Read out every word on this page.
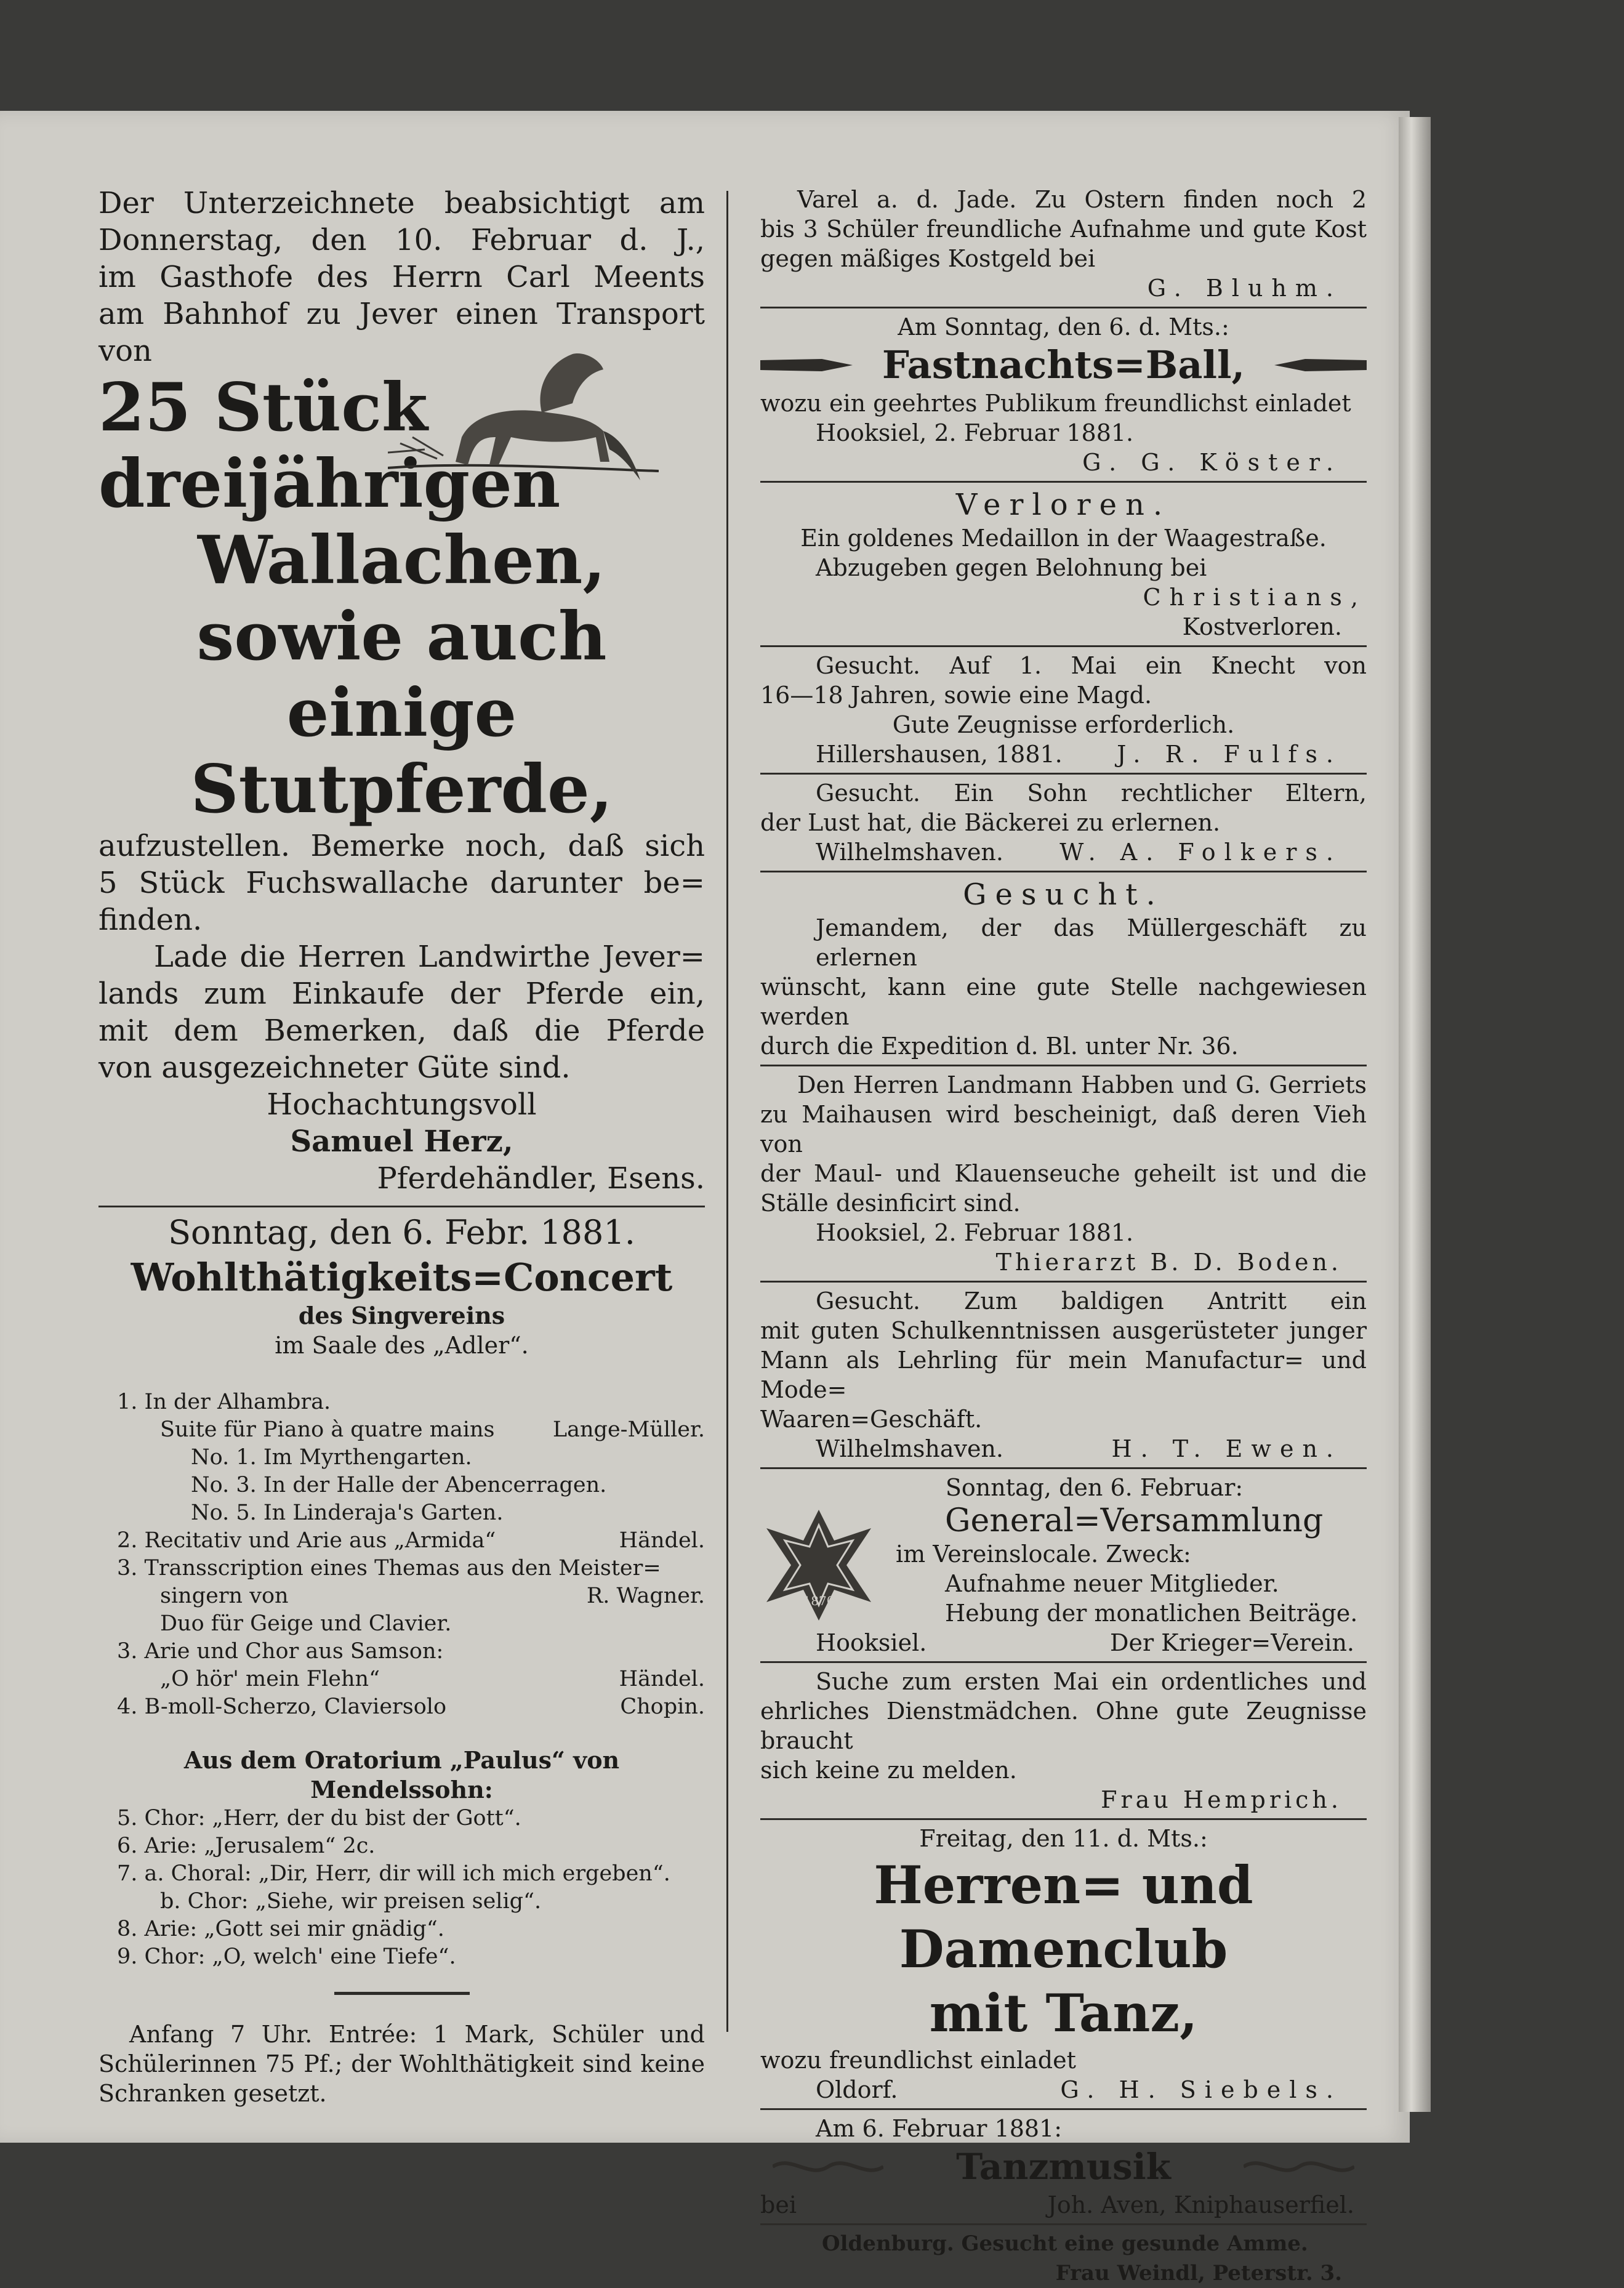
Der Unterzeichnete beabsichtigt am
Donnerstag, den 10. Februar d. J.,
im Gasthofe des Herrn Carl Meents
am Bahnhof zu Jever einen Transport
von
25 Stück
dreijährigen
Wallachen, sowie auch
einige Stutpferde,
aufzustellen. Bemerke noch, daß sich
5 Stück Fuchswallache darunter be=
finden.
Lade die Herren Landwirthe Jever=
lands zum Einkaufe der Pferde ein,
mit dem Bemerken, daß die Pferde
von ausgezeichneter Güte sind.
Hochachtungsvoll
Samuel Herz,
Pferdehändler, Esens.
Sonntag, den 6. Febr. 1881.
Wohlthätigkeits=Concert
des Singvereins
im Saale des „Adler“.
1. In der Alhambra.
Suite für Piano à quatre mains	Lange-Müller.
No. 1. Im Myrthengarten.
No. 3. In der Halle der Abencerragen.
No. 5. In Linderaja's Garten.
2. Recitativ und Arie aus „Armida“	Händel.
3. Transscription eines Themas aus den Meister=
singern von	R. Wagner.
Duo für Geige und Clavier.
3. Arie und Chor aus Samson:
„O hör' mein Flehn“	Händel.
4. B-moll-Scherzo, Claviersolo	Chopin.
Aus dem Oratorium „Paulus“ von Mendelssohn:
5. Chor: „Herr, der du bist der Gott“.
6. Arie: „Jerusalem“ 2c.
7. a. Choral: „Dir, Herr, dir will ich mich ergeben“.
b. Chor: „Siehe, wir preisen selig“.
8. Arie: „Gott sei mir gnädig“.
9. Chor: „O, welch' eine Tiefe“.
Anfang 7 Uhr. Entrée: 1 Mark, Schüler und
Schülerinnen 75 Pf.; der Wohlthätigkeit sind keine
Schranken gesetzt.
Varel a. d. Jade. Zu Ostern finden noch 2
bis 3 Schüler freundliche Aufnahme und gute Kost
gegen mäßiges Kostgeld bei
G. Bluhm.
Am Sonntag, den 6. d. Mts.:
Fastnachts=Ball,
wozu ein geehrtes Publikum freundlichst einladet
Hooksiel, 2. Februar 1881.
G. G. Köster.
Verloren.
Ein goldenes Medaillon in der Waagestraße.
Abzugeben gegen Belohnung bei
Christians,
Kostverloren.
Gesucht. Auf 1. Mai ein Knecht von
16—18 Jahren, sowie eine Magd.
Gute Zeugnisse erforderlich.
Hillershausen, 1881. J. R. Fulfs.
Gesucht. Ein Sohn rechtlicher Eltern,
der Lust hat, die Bäckerei zu erlernen.
Wilhelmshaven. W. A. Folkers.
Gesucht.
Jemandem, der das Müllergeschäft zu erlernen
wünscht, kann eine gute Stelle nachgewiesen werden
durch die Expedition d. Bl. unter Nr. 36.
Den Herren Landmann Habben und G. Gerriets
zu Maihausen wird bescheinigt, daß deren Vieh von
der Maul- und Klauenseuche geheilt ist und die
Ställe desinficirt sind.
Hooksiel, 2. Februar 1881.
Thierarzt B. D. Boden.
Gesucht. Zum baldigen Antritt ein
mit guten Schulkenntnissen ausgerüsteter junger
Mann als Lehrling für mein Manufactur= und Mode=
Waaren=Geschäft.
Wilhelmshaven.	H. T. Ewen.
1870
Sonntag, den 6. Februar:
General=Versammlung
im Vereinslocale. Zweck:
Aufnahme neuer Mitglieder.
Hebung der monatlichen Beiträge.
Hooksiel.	Der Krieger=Verein.
Suche zum ersten Mai ein ordentliches und
ehrliches Dienstmädchen. Ohne gute Zeugnisse braucht
sich keine zu melden.
Frau Hemprich.
Freitag, den 11. d. Mts.:
Herren= und Damenclub
mit Tanz,
wozu freundlichst einladet
Oldorf.	G. H. Siebels.
Am 6. Februar 1881:
Tanzmusik
bei	Joh. Aven, Kniphauserfiel.
Oldenburg. Gesucht eine gesunde Amme.
Frau Weindl, Peterstr. 3.
